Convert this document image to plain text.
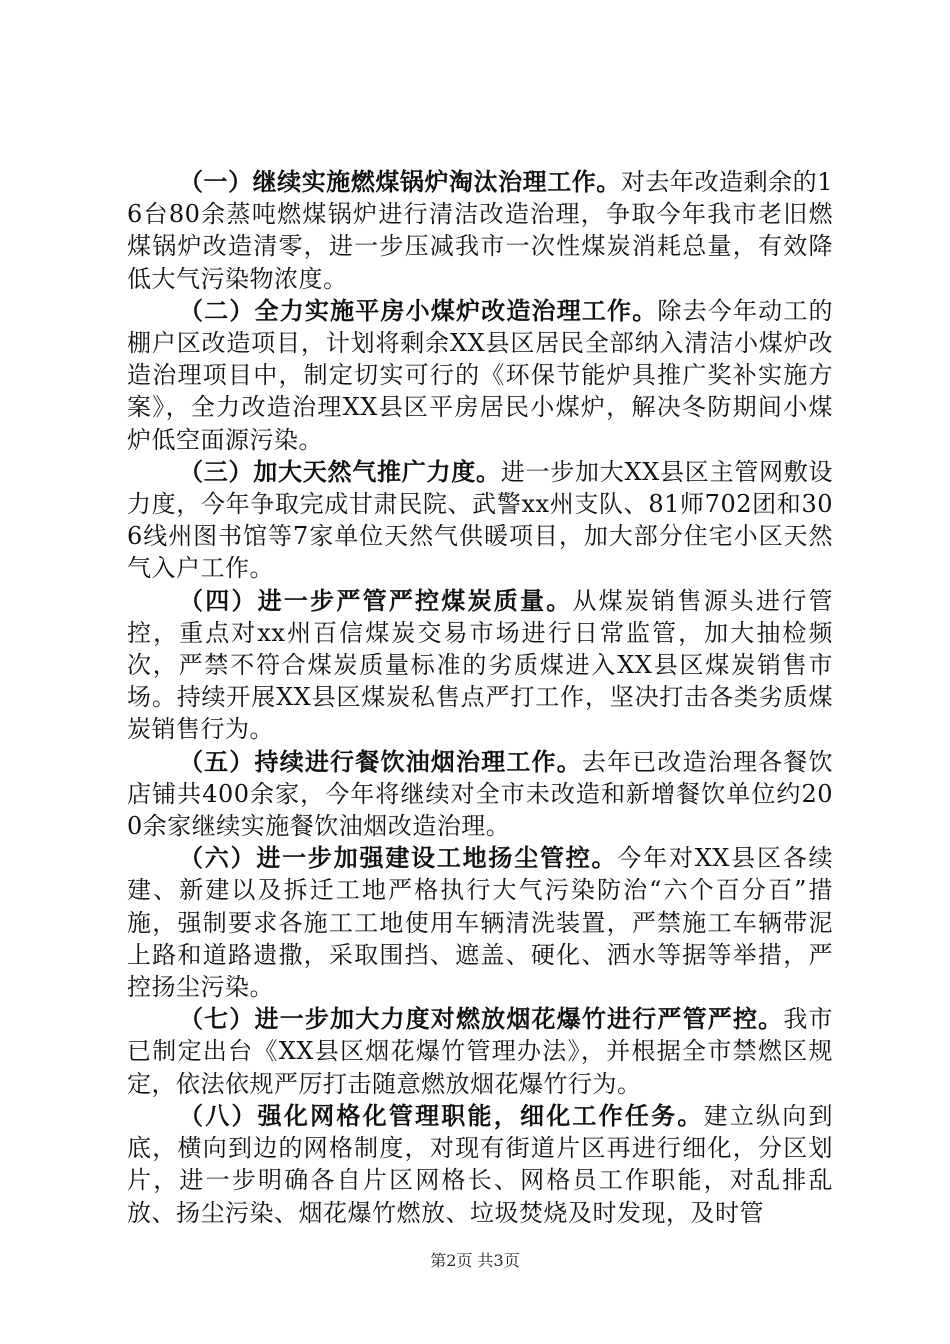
（一）继续实施燃煤锅炉淘汰治理工作。对去年改造剩余的16台80余蒸吨燃煤锅炉进行清洁改造治理，争取今年我市老旧燃煤锅炉改造清零，进一步压减我市一次性煤炭消耗总量，有效降低大气污染物浓度。

（二）全力实施平房小煤炉改造治理工作。除去今年动工的棚户区改造项目，计划将剩余XX县区居民全部纳入清洁小煤炉改造治理项目中，制定切实可行的《环保节能炉具推广奖补实施方案》，全力改造治理XX县区平房居民小煤炉，解决冬防期间小煤炉低空面源污染。

（三）加大天然气推广力度。进一步加大XX县区主管网敷设力度，今年争取完成甘肃民院、武警xx州支队、81师702团和306线州图书馆等7家单位天然气供暖项目，加大部分住宅小区天然气入户工作。

（四）进一步严管严控煤炭质量。从煤炭销售源头进行管控，重点对xx州百信煤炭交易市场进行日常监管，加大抽检频次，严禁不符合煤炭质量标准的劣质煤进入XX县区煤炭销售市场。持续开展XX县区煤炭私售点严打工作，坚决打击各类劣质煤炭销售行为。

（五）持续进行餐饮油烟治理工作。去年已改造治理各餐饮店铺共400余家，今年将继续对全市未改造和新增餐饮单位约200余家继续实施餐饮油烟改造治理。

（六）进一步加强建设工地扬尘管控。今年对XX县区各续建、新建以及拆迁工地严格执行大气污染防治“六个百分百”措施，强制要求各施工工地使用车辆清洗装置，严禁施工车辆带泥上路和道路遗撒，采取围挡、遮盖、硬化、洒水等据等举措，严控扬尘污染。

（七）进一步加大力度对燃放烟花爆竹进行严管严控。我市已制定出台《XX县区烟花爆竹管理办法》，并根据全市禁燃区规定，依法依规严厉打击随意燃放烟花爆竹行为。

（八）强化网格化管理职能，细化工作任务。建立纵向到底，横向到边的网格制度，对现有街道片区再进行细化，分区划片，进一步明确各自片区网格长、网格员工作职能，对乱排乱放、扬尘污染、烟花爆竹燃放、垃圾焚烧及时发现，及时管

第2页 共3页
